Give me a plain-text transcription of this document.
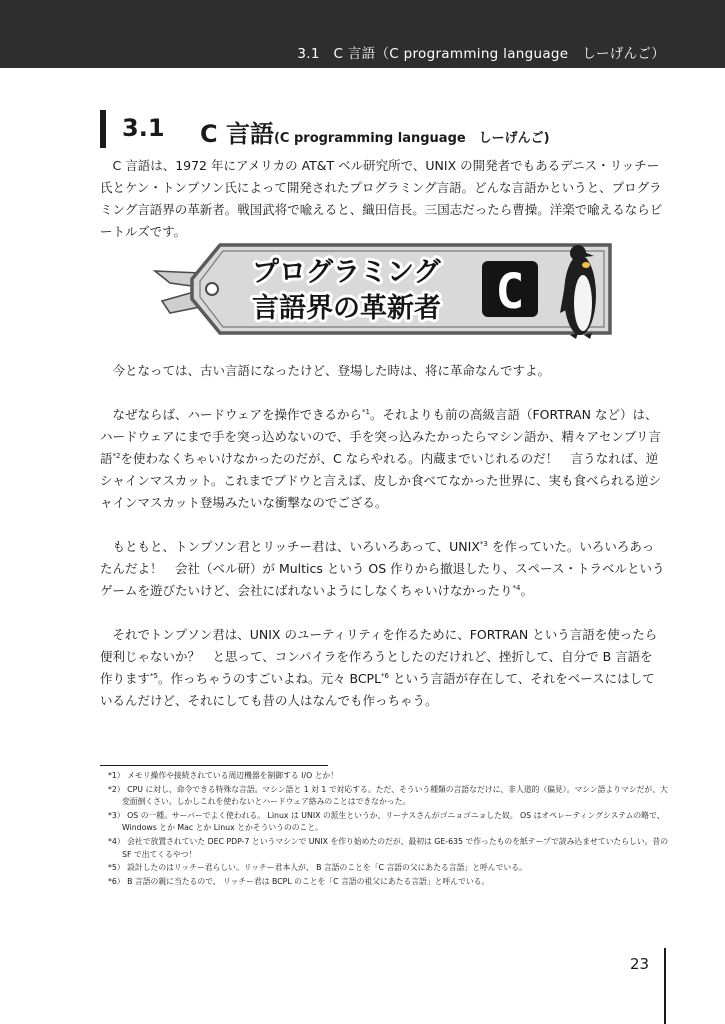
3.1　C 言語（C programming language　しーげんご）
3.1 C 言語(C programming language　しーげんご)

C 言語は、1972 年にアメリカの AT&T ベル研究所で、UNIX の開発者でもあるデニス・リッチー氏とケン・トンプソン氏によって開発されたプログラミング言語。どんな言語かというと、プログラミング言語界の革新者。戦国武将で喩えると、織田信長。三国志だったら曹操。洋楽で喩えるならビートルズです。

プログラミング
言語界の革新者 C

今となっては、古い言語になったけど、登場した時は、将に革命なんですよ。

なぜならば、ハードウェアを操作できるから$^{*1}$。それよりも前の高級言語（FORTRAN など）は、ハードウェアにまで手を突っ込めないので、手を突っ込みたかったらマシン語か、精々アセンブリ言語$^{*2}$を使わなくちゃいけなかったのだが、C ならやれる。内蔵までいじれるのだ！　言うなれば、逆シャインマスカット。これまでブドウと言えば、皮しか食べてなかった世界に、実も食べられる逆シャインマスカット登場みたいな衝撃なのでござる。

もともと、トンプソン君とリッチー君は、いろいろあって、UNIX$^{*3}$ を作っていた。いろいろあったんだよ！　会社（ベル研）が Multics という OS 作りから撤退したり、スペース・トラベルというゲームを遊びたいけど、会社にばれないようにしなくちゃいけなかったり$^{*4}$。

それでトンプソン君は、UNIX のユーティリティを作るために、FORTRAN という言語を使ったら便利じゃないか？　と思って、コンパイラを作ろうとしたのだけれど、挫折して、自分で B 言語を作ります$^{*5}$。作っちゃうのすごいよね。元々 BCPL$^{*6}$ という言語が存在して、それをベースにはしているんだけど、それにしても昔の人はなんでも作っちゃう。

*1） メモリ操作や接続されている周辺機器を制御する I/O とか！

*2） CPU に対し、命令できる特殊な言語。マシン語と 1 対 1 で対応する。ただ、そういう種類の言語なだけに、非人道的（偏見）。マシン語よりマシだが、大変面倒くさい。しかしこれを使わないとハードウェア絡みのことはできなかった。

*3） OS の一種。サーバーでよく使われる。 Linux は UNIX の派生というか、リーナスさんがゴニョゴニョした奴。 OS はオペレーティングシステムの略で、 Windows とか Mac とか Linux とかそういうののこと。

*4） 会社で放置されていた DEC PDP-7 というマシンで UNIX を作り始めたのだが、最初は GE-635 で作ったものを紙テープで読み込ませていたらしい。昔の SF で出てくるやつ！

*5） 設計したのはリッチー君らしい。リッチー君本人が、 B 言語のことを「C 言語の父にあたる言語」と呼んでいる。

*6） B 言語の親に当たるので、 リッチー君は BCPL のことを「C 言語の祖父にあたる言語」と呼んでいる。

23
